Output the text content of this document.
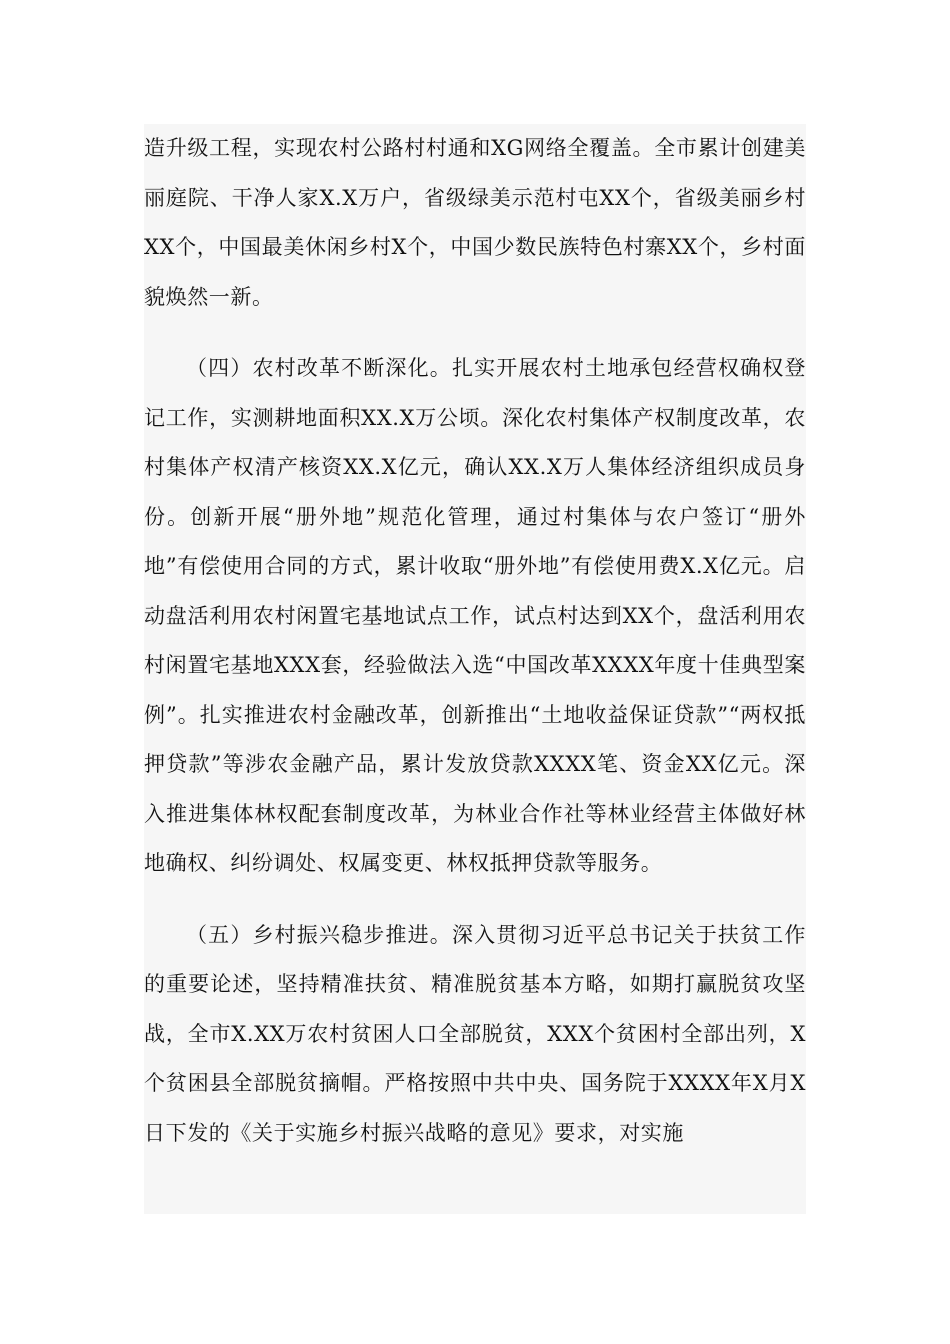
造升级工程，实现农村公路村村通和XG网络全覆盖。全市累计创建美丽庭院、干净人家X.X万户，省级绿美示范村屯XX个，省级美丽乡村XX个，中国最美休闲乡村X个，中国少数民族特色村寨XX个，乡村面貌焕然一新。

（四）农村改革不断深化。扎实开展农村土地承包经营权确权登记工作，实测耕地面积XX.X万公顷。深化农村集体产权制度改革，农村集体产权清产核资XX.X亿元，确认XX.X万人集体经济组织成员身份。创新开展“册外地”规范化管理，通过村集体与农户签订“册外地”有偿使用合同的方式，累计收取“册外地”有偿使用费X.X亿元。启动盘活利用农村闲置宅基地试点工作，试点村达到XX个，盘活利用农村闲置宅基地XXX套，经验做法入选“中国改革XXXX年度十佳典型案例”。扎实推进农村金融改革，创新推出“土地收益保证贷款”“两权抵押贷款”等涉农金融产品，累计发放贷款XXXX笔、资金XX亿元。深入推进集体林权配套制度改革，为林业合作社等林业经营主体做好林地确权、纠纷调处、权属变更、林权抵押贷款等服务。

（五）乡村振兴稳步推进。深入贯彻习近平总书记关于扶贫工作的重要论述，坚持精准扶贫、精准脱贫基本方略，如期打赢脱贫攻坚战，全市X.XX万农村贫困人口全部脱贫，XXX个贫困村全部出列，X个贫困县全部脱贫摘帽。严格按照中共中央、国务院于XXXX年X月X日下发的《关于实施乡村振兴战略的意见》要求，对实施
